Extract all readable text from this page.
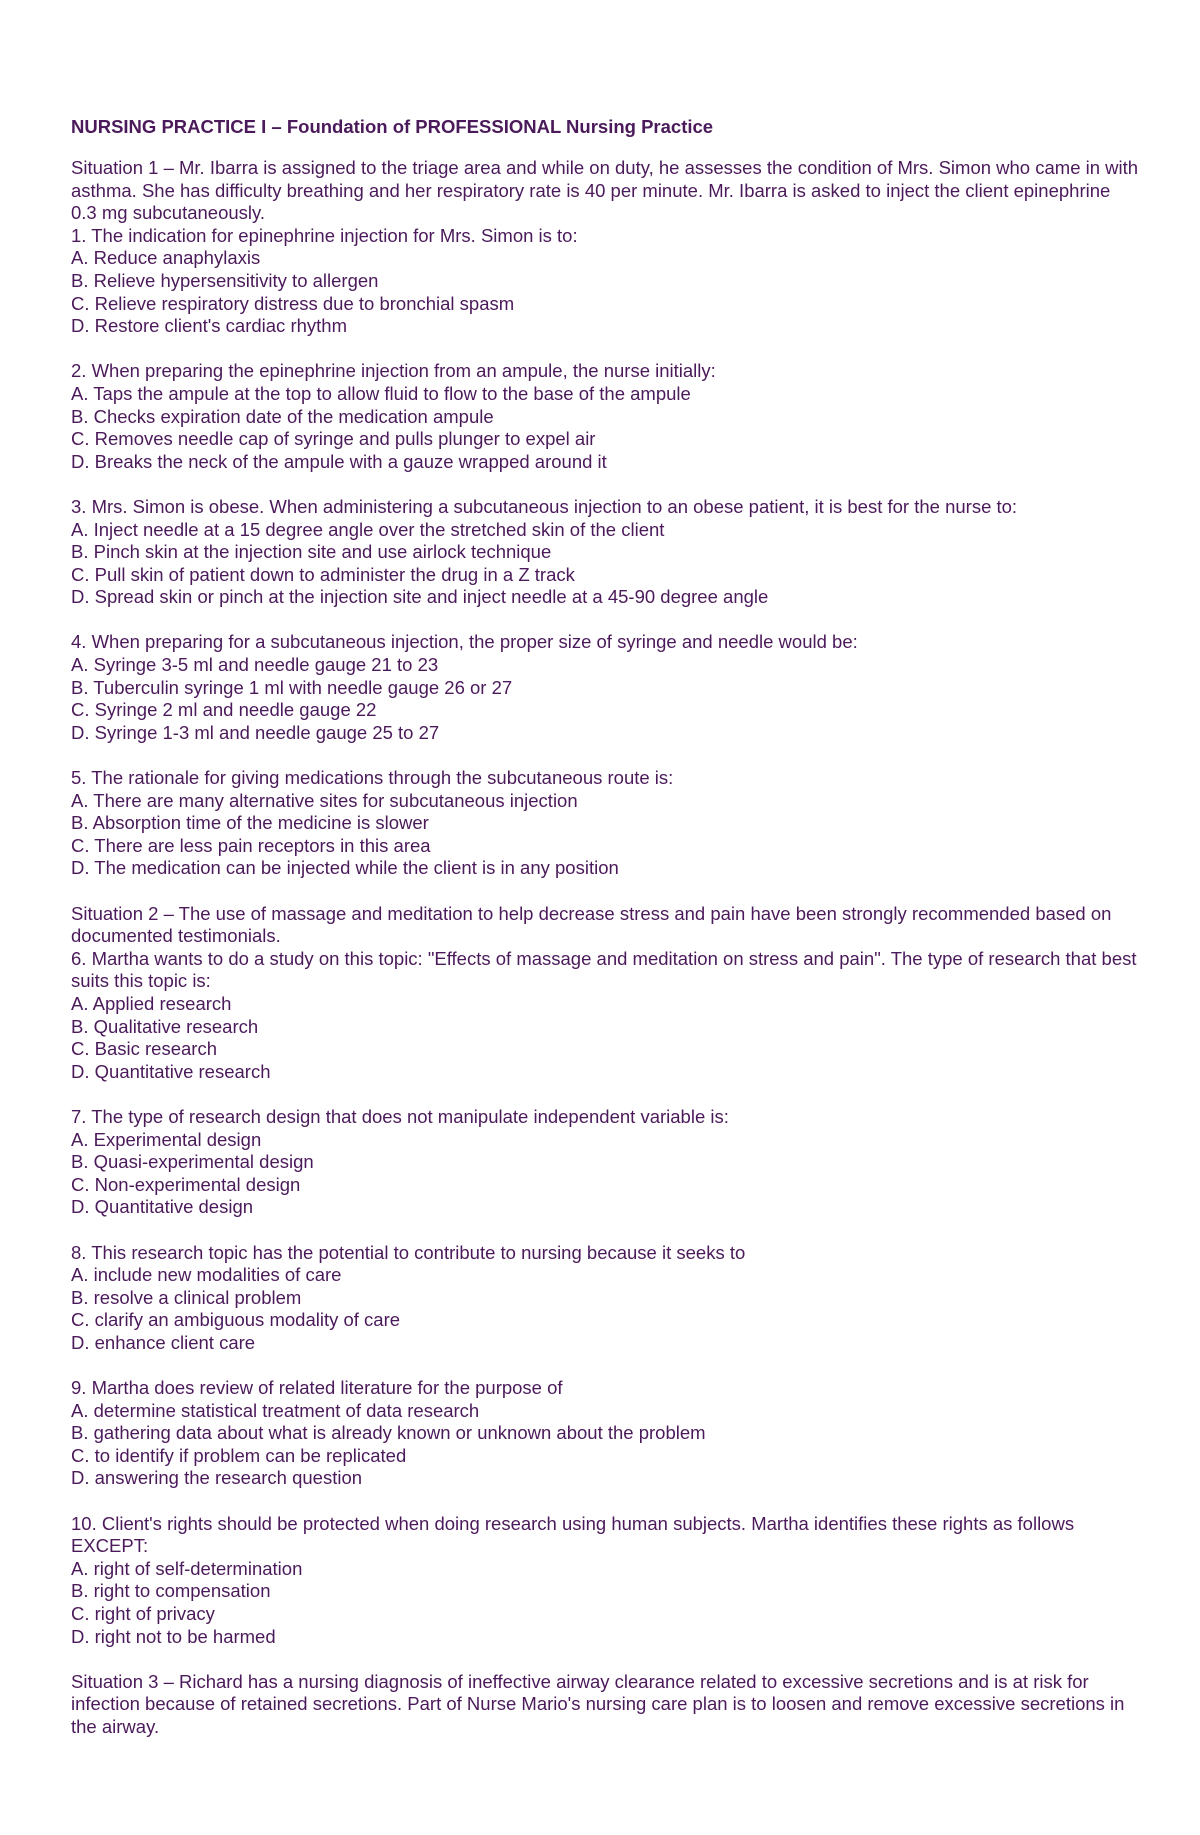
NURSING PRACTICE I – Foundation of PROFESSIONAL Nursing Practice
Situation 1 – Mr. Ibarra is assigned to the triage area and while on duty, he assesses the condition of Mrs. Simon who came in with asthma. She has difficulty breathing and her respiratory rate is 40 per minute. Mr. Ibarra is asked to inject the client epinephrine 0.3 mg subcutaneously.
1. The indication for epinephrine injection for Mrs. Simon is to:
A. Reduce anaphylaxis
B. Relieve hypersensitivity to allergen
C. Relieve respiratory distress due to bronchial spasm
D. Restore client's cardiac rhythm
2. When preparing the epinephrine injection from an ampule, the nurse initially:
A. Taps the ampule at the top to allow fluid to flow to the base of the ampule
B. Checks expiration date of the medication ampule
C. Removes needle cap of syringe and pulls plunger to expel air
D. Breaks the neck of the ampule with a gauze wrapped around it
3. Mrs. Simon is obese. When administering a subcutaneous injection to an obese patient, it is best for the nurse to:
A. Inject needle at a 15 degree angle over the stretched skin of the client
B. Pinch skin at the injection site and use airlock technique
C. Pull skin of patient down to administer the drug in a Z track
D. Spread skin or pinch at the injection site and inject needle at a 45-90 degree angle
4. When preparing for a subcutaneous injection, the proper size of syringe and needle would be:
A. Syringe 3-5 ml and needle gauge 21 to 23
B. Tuberculin syringe 1 ml with needle gauge 26 or 27
C. Syringe 2 ml and needle gauge 22
D. Syringe 1-3 ml and needle gauge 25 to 27
5. The rationale for giving medications through the subcutaneous route is:
A. There are many alternative sites for subcutaneous injection
B. Absorption time of the medicine is slower
C. There are less pain receptors in this area
D. The medication can be injected while the client is in any position
Situation 2 – The use of massage and meditation to help decrease stress and pain have been strongly recommended based on documented testimonials.
6. Martha wants to do a study on this topic: "Effects of massage and meditation on stress and pain". The type of research that best suits this topic is:
A. Applied research
B. Qualitative research
C. Basic research
D. Quantitative research
7. The type of research design that does not manipulate independent variable is:
A. Experimental design
B. Quasi-experimental design
C. Non-experimental design
D. Quantitative design
8. This research topic has the potential to contribute to nursing because it seeks to
A. include new modalities of care
B. resolve a clinical problem
C. clarify an ambiguous modality of care
D. enhance client care
9. Martha does review of related literature for the purpose of
A. determine statistical treatment of data research
B. gathering data about what is already known or unknown about the problem
C. to identify if problem can be replicated
D. answering the research question
10. Client's rights should be protected when doing research using human subjects. Martha identifies these rights as follows EXCEPT:
A. right of self-determination
B. right to compensation
C. right of privacy
D. right not to be harmed
Situation 3 – Richard has a nursing diagnosis of ineffective airway clearance related to excessive secretions and is at risk for infection because of retained secretions. Part of Nurse Mario's nursing care plan is to loosen and remove excessive secretions in the airway.
